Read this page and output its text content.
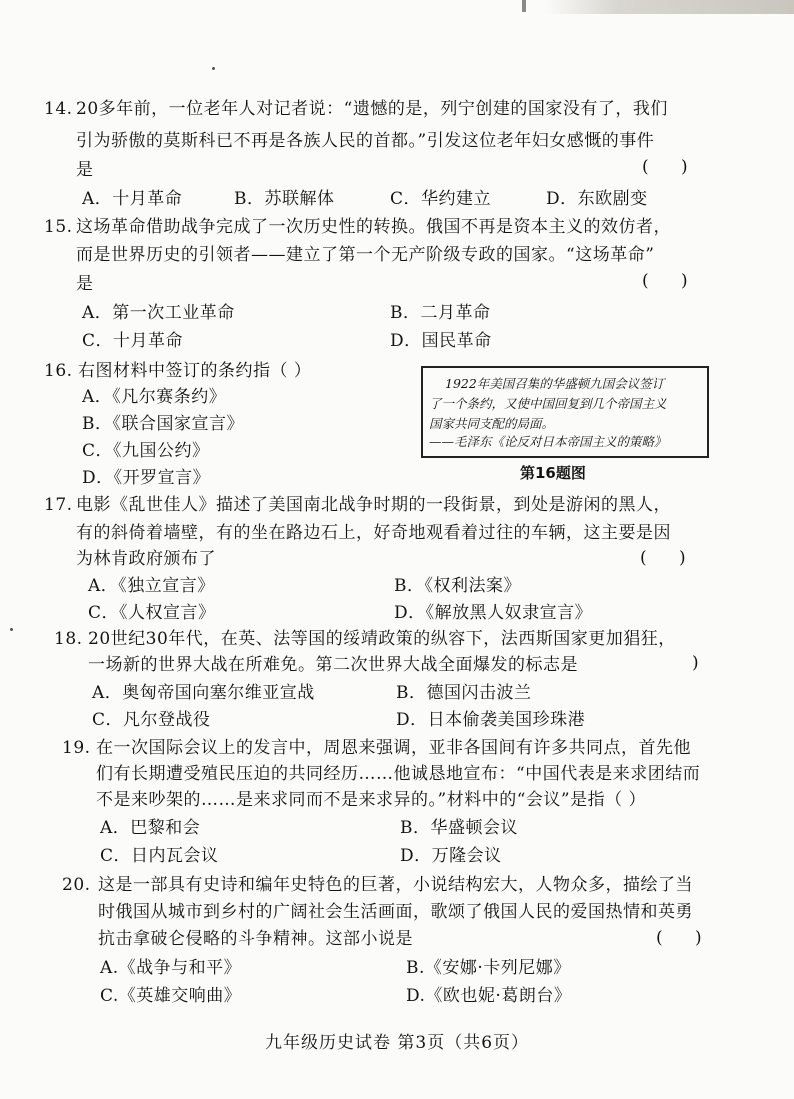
14. 20多年前，一位老年人对记者说：“遗憾的是，列宁创建的国家没有了，我们
引为骄傲的莫斯科已不再是各族人民的首都。”引发这位老年妇女感慨的事件
是	(      )
A．十月革命	B．苏联解体	C．华约建立	D．东欧剧变
15. 这场革命借助战争完成了一次历史性的转换。俄国不再是资本主义的效仿者，
而是世界历史的引领者——建立了第一个无产阶级专政的国家。“这场革命”
是	(      )
A．第一次工业革命	B．二月革命
C．十月革命	D．国民革命
16. 右图材料中签订的条约指（ ）
A．《凡尔赛条约》
B．《联合国家宣言》
C．《九国公约》
D．《开罗宣言》
1922年美国召集的华盛顿九国会议签订
了一个条约，又使中国回复到几个帝国主义
国家共同支配的局面。
——毛泽东《论反对日本帝国主义的策略》
第16题图
17. 电影《乱世佳人》描述了美国南北战争时期的一段街景，到处是游闲的黑人，
有的斜倚着墙壁，有的坐在路边石上，好奇地观看着过往的车辆，这主要是因
为林肯政府颁布了	(      )
A．《独立宣言》	B．《权利法案》
C．《人权宣言》	D．《解放黑人奴隶宣言》
18. 20世纪30年代，在英、法等国的绥靖政策的纵容下，法西斯国家更加猖狂，
一场新的世界大战在所难免。第二次世界大战全面爆发的标志是	)
A．奥匈帝国向塞尔维亚宣战	B．德国闪击波兰
C．凡尔登战役	D．日本偷袭美国珍珠港
19. 在一次国际会议上的发言中，周恩来强调，亚非各国间有许多共同点，首先他
们有长期遭受殖民压迫的共同经历……他诚恳地宣布：“中国代表是来求团结而
不是来吵架的……是来求同而不是来求异的。”材料中的“会议”是指（ ）
A．巴黎和会	B．华盛顿会议
C．日内瓦会议	D．万隆会议
20. 这是一部具有史诗和编年史特色的巨著，小说结构宏大，人物众多，描绘了当
时俄国从城市到乡村的广阔社会生活画面，歌颂了俄国人民的爱国热情和英勇
抗击拿破仑侵略的斗争精神。这部小说是	(      )
A.《战争与和平》	B.《安娜·卡列尼娜》
C.《英雄交响曲》	D.《欧也妮·葛朗台》
九年级历史试卷 第3页（共6页）
